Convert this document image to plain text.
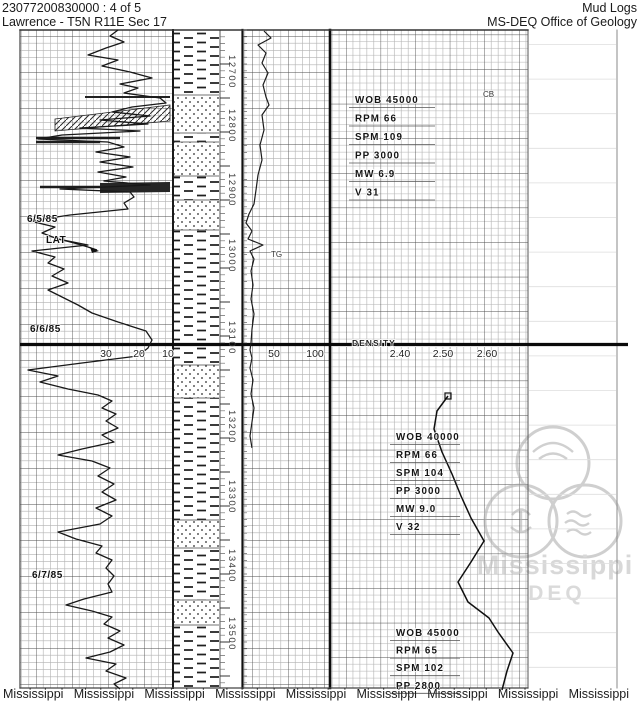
23077200830000 : 4 of 5
Lawrence - T5N R11E Sec 17
Mud Logs
MS-DEQ Office of Geology
Mississippi
DEQ
12700
12800
12900
13000
13100
13200
13300
13400
13500
30 20 10	50	100
DENSITY
2.40 2.50 2.60
6/5/85
6/6/85
6/7/85
LAT
TG
CB
WOB 45000
RPM 66
SPM 109
PP 3000
MW 6.9
V 31
WOB 40000
RPM 66
SPM 104
PP 3000
MW 9.0
V 32
WOB 45000
RPM 65
SPM 102
PP 2800
Mississippi Mississippi Mississippi Mississippi Mississippi Mississippi Mississippi Mississippi Mississippi
